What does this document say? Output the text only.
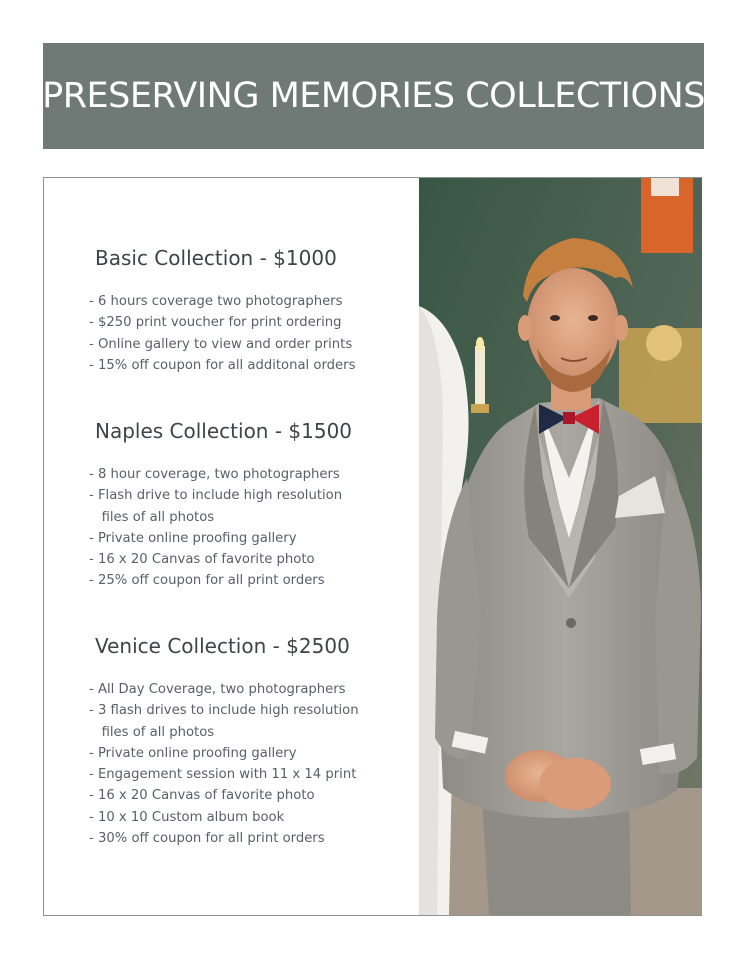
PRESERVING MEMORIES COLLECTIONS
Basic Collection - $1000
- 6 hours coverage two photographers
- $250 print voucher for print ordering
- Online gallery to view and order prints
- 15% off coupon for all additonal orders
Naples Collection - $1500
- 8 hour coverage, two photographers
- Flash drive to include high resolution
files of all photos
- Private online proofing gallery
- 16 x 20 Canvas of favorite photo
- 25% off coupon for all print orders
Venice Collection - $2500
- All Day Coverage, two photographers
- 3 flash drives to include high resolution
files of all photos
- Private online proofing gallery
- Engagement session with 11 x 14 print
- 16 x 20 Canvas of favorite photo
- 10 x 10 Custom album book
- 30% off coupon for all print orders
